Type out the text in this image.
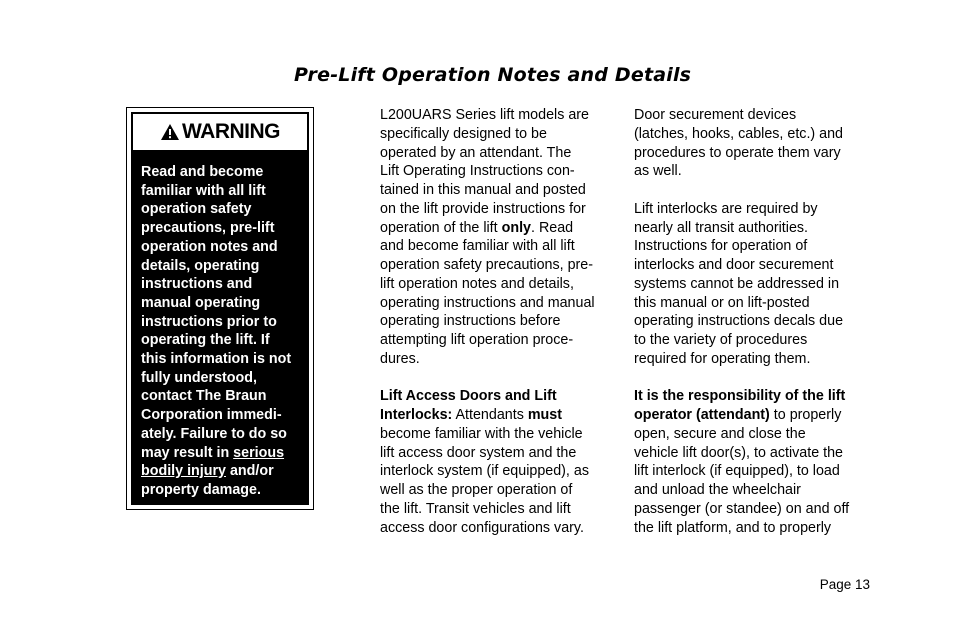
Pre-Lift Operation Notes and Details
WARNING
Read and become
familiar with all lift
operation safety
precautions, pre-lift
operation notes and
details, operating
instructions and
manual operating
instructions prior to
operating the lift. If
this information is not
fully understood,
contact The Braun
Corporation immedi-
ately. Failure to do so
may result in serious
bodily injury and/or
property damage.
L200UARS Series lift models are
specifically designed to be
operated by an attendant. The
Lift Operating Instructions con-
tained in this manual and posted
on the lift provide instructions for
operation of the lift only. Read
and become familiar with all lift
operation safety precautions, pre-
lift operation notes and details,
operating instructions and manual
operating instructions before
attempting lift operation proce-
dures.
Lift Access Doors and Lift
Interlocks: Attendants must
become familiar with the vehicle
lift access door system and the
interlock system (if equipped), as
well as the proper operation of
the lift. Transit vehicles and lift
access door configurations vary.
Door securement devices
(latches, hooks, cables, etc.) and
procedures to operate them vary
as well.
Lift interlocks are required by
nearly all transit authorities.
Instructions for operation of
interlocks and door securement
systems cannot be addressed in
this manual or on lift-posted
operating instructions decals due
to the variety of procedures
required for operating them.
It is the responsibility of the lift
operator (attendant) to properly
open, secure and close the
vehicle lift door(s), to activate the
lift interlock (if equipped), to load
and unload the wheelchair
passenger (or standee) on and off
the lift platform, and to properly
Page 13
